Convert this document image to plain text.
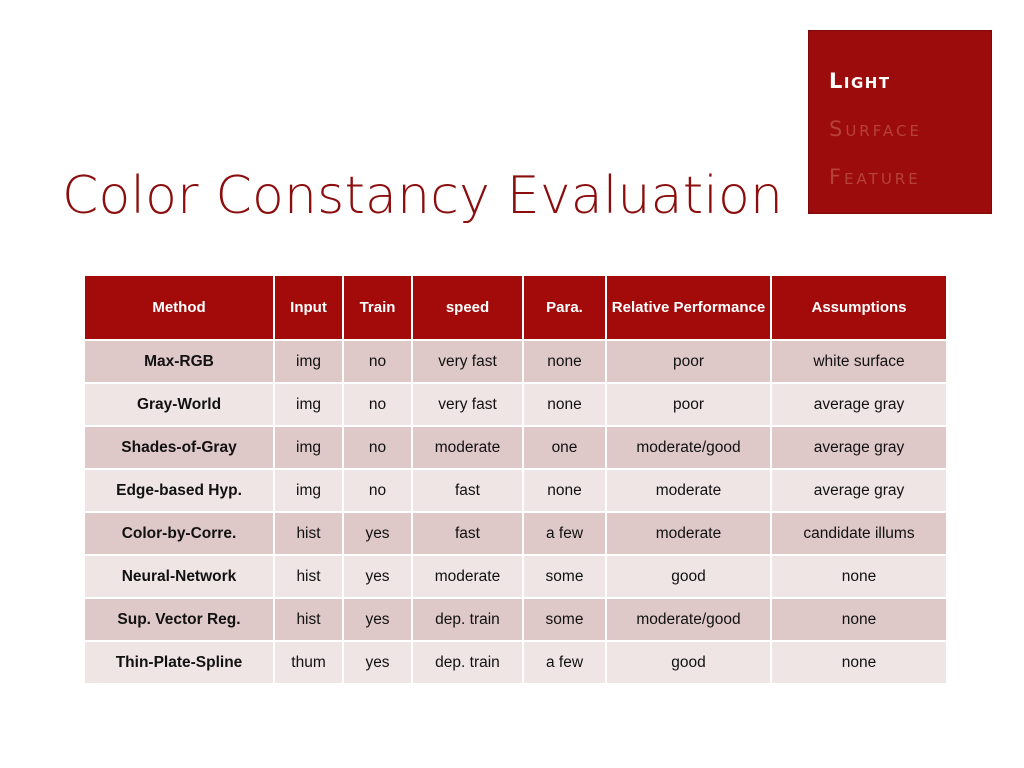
Color Constancy Evaluation
Light
Surface
Feature
Method	Input	Train	speed	Para.	Relative Performance	Assumptions
Max-RGB	img	no	very fast	none	poor	white surface
Gray-World	img	no	very fast	none	poor	average gray
Shades-of-Gray	img	no	moderate	one	moderate/good	average gray
Edge-based Hyp.	img	no	fast	none	moderate	average gray
Color-by-Corre.	hist	yes	fast	a few	moderate	candidate illums
Neural-Network	hist	yes	moderate	some	good	none
Sup. Vector Reg.	hist	yes	dep. train	some	moderate/good	none
Thin-Plate-Spline	thum	yes	dep. train	a few	good	none
